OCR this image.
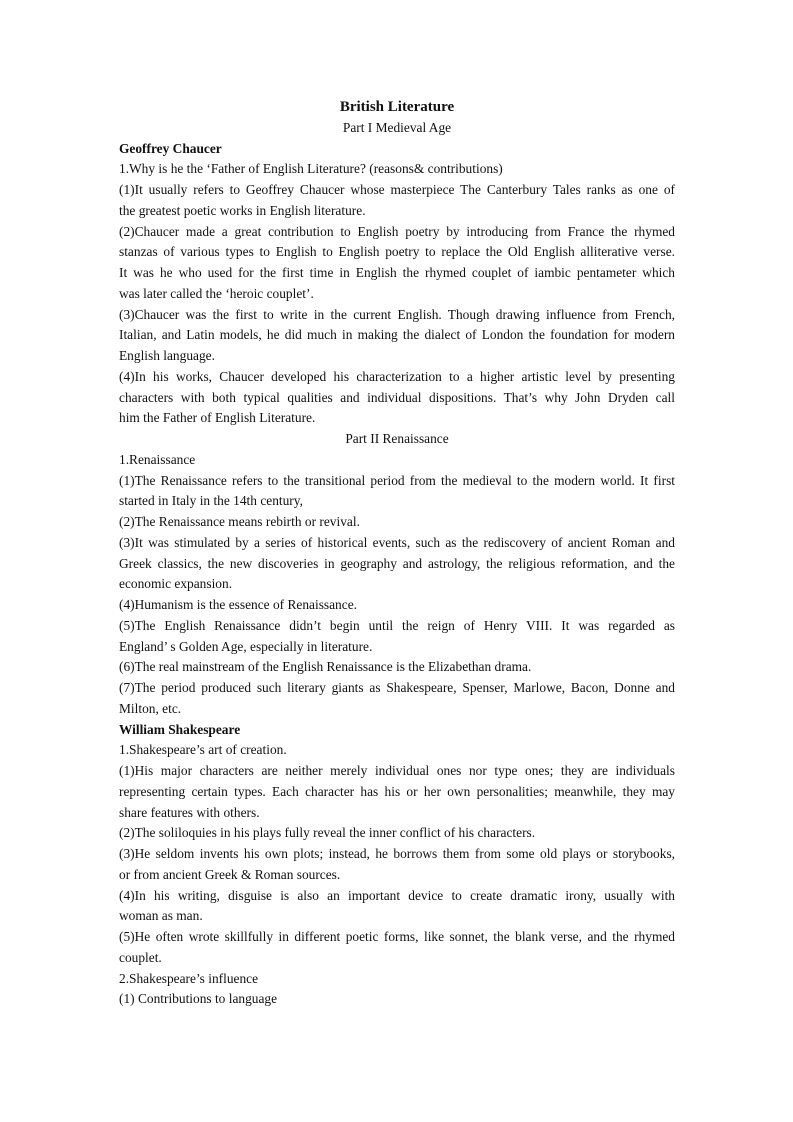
British Literature
Part I Medieval Age
Geoffrey Chaucer
1.Why is he the ‘Father of English Literature? (reasons& contributions)
(1)It usually refers to Geoffrey Chaucer whose masterpiece The Canterbury Tales ranks as one of
the greatest poetic works in English literature.
(2)Chaucer made a great contribution to English poetry by introducing from France the rhymed
stanzas of various types to English to English poetry to replace the Old English alliterative verse.
It was he who used for the first time in English the rhymed couplet of iambic pentameter which
was later called the ‘heroic couplet’.
(3)Chaucer was the first to write in the current English. Though drawing influence from French,
Italian, and Latin models, he did much in making the dialect of London the foundation for modern
English language.
(4)In his works, Chaucer developed his characterization to a higher artistic level by presenting
characters with both typical qualities and individual dispositions. That’s why John Dryden call
him the Father of English Literature.
Part II Renaissance
1.Renaissance
(1)The Renaissance refers to the transitional period from the medieval to the modern world. It first
started in Italy in the 14th century,
(2)The Renaissance means rebirth or revival.
(3)It was stimulated by a series of historical events, such as the rediscovery of ancient Roman and
Greek classics, the new discoveries in geography and astrology, the religious reformation, and the
economic expansion.
(4)Humanism is the essence of Renaissance.
(5)The English Renaissance didn’t begin until the reign of Henry VIII. It was regarded as
England’ s Golden Age, especially in literature.
(6)The real mainstream of the English Renaissance is the Elizabethan drama.
(7)The period produced such literary giants as Shakespeare, Spenser, Marlowe, Bacon, Donne and
Milton, etc.
William Shakespeare
1.Shakespeare’s art of creation.
(1)His major characters are neither merely individual ones nor type ones; they are individuals
representing certain types. Each character has his or her own personalities; meanwhile, they may
share features with others.
(2)The soliloquies in his plays fully reveal the inner conflict of his characters.
(3)He seldom invents his own plots; instead, he borrows them from some old plays or storybooks,
or from ancient Greek & Roman sources.
(4)In his writing, disguise is also an important device to create dramatic irony, usually with
woman as man.
(5)He often wrote skillfully in different poetic forms, like sonnet, the blank verse, and the rhymed
couplet.
2.Shakespeare’s influence
(1) Contributions to language
